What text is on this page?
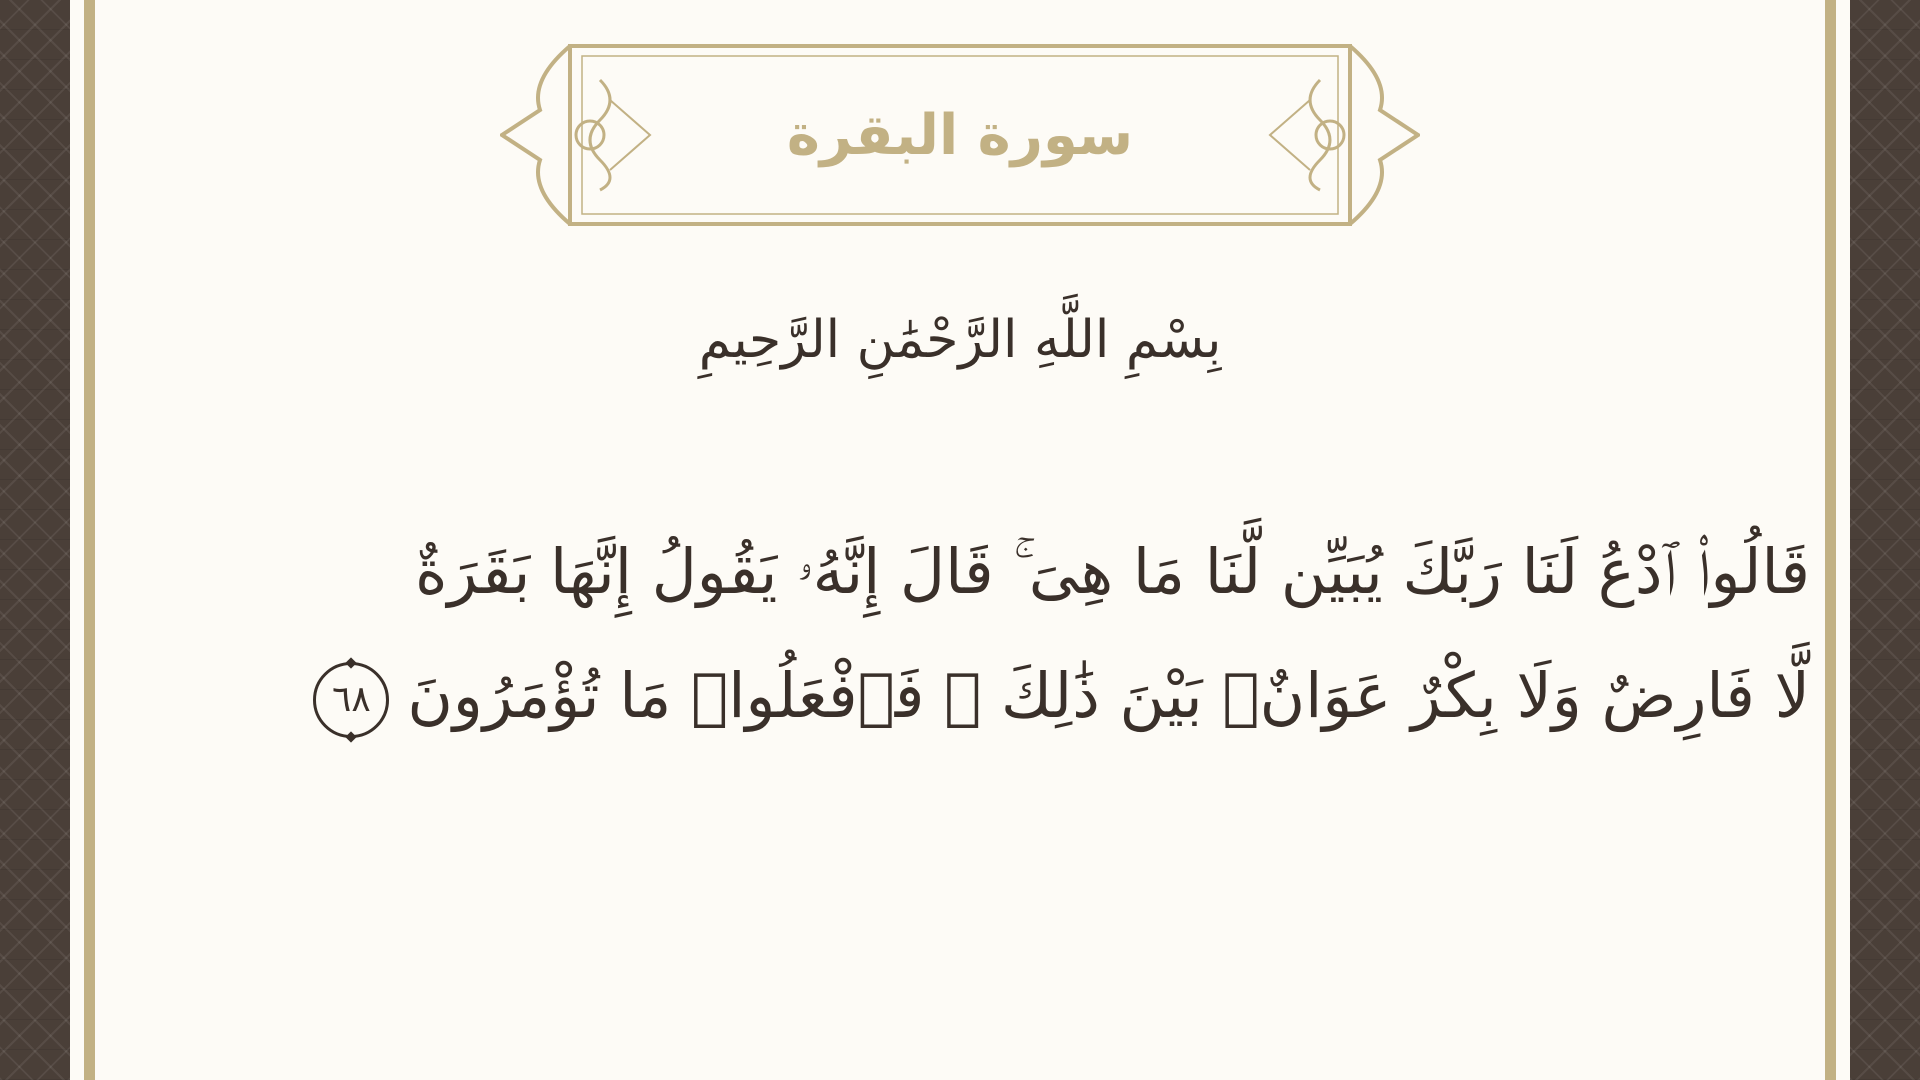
سورة البقرة
بِسْمِ اللَّهِ الرَّحْمَٰنِ الرَّحِيمِ
قَالُوا۟ ٱدْعُ لَنَا رَبَّكَ يُبَيِّن لَّنَا مَا هِىَ ۚ قَالَ إِنَّهُۥ يَقُولُ إِنَّهَا بَقَرَةٌ
لَّا فَارِضٌ وَلَا بِكْرٌ عَوَانٌۢ بَيْنَ ذَٰلِكَ ۖ فَٱفْعَلُوا۟ مَا تُؤْمَرُونَ٦٨
